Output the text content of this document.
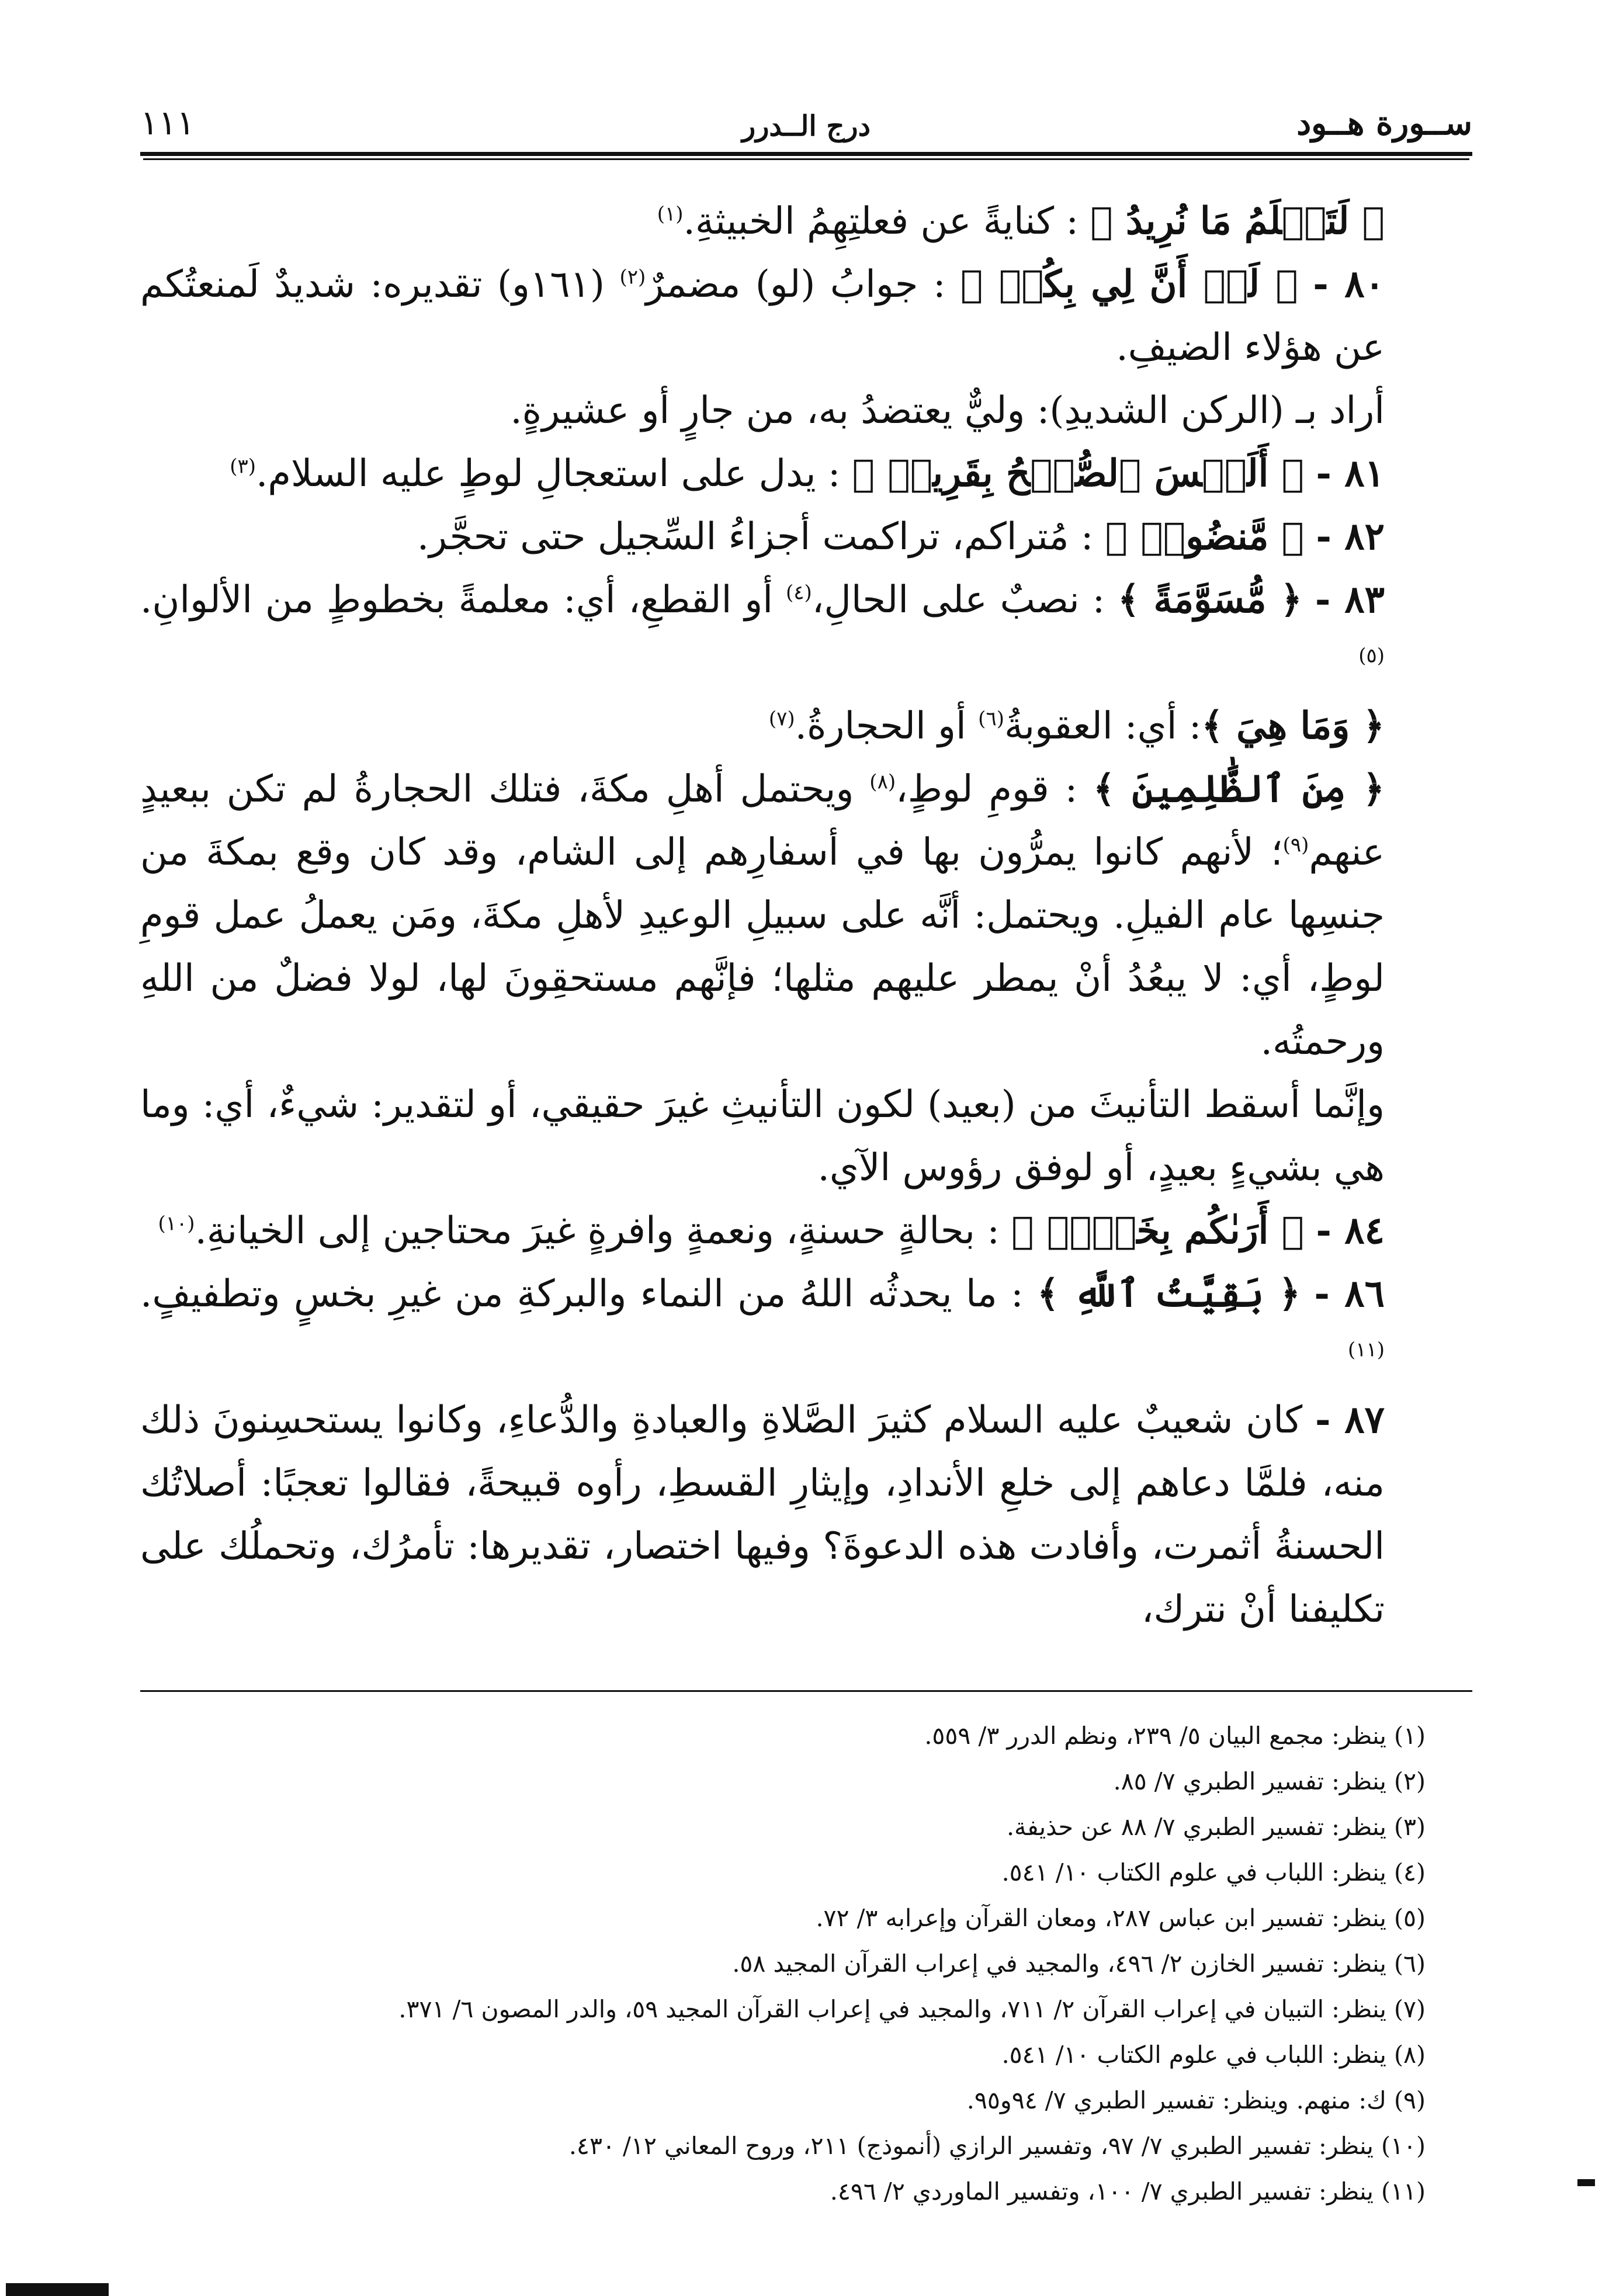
ســورة هــود
درج الــدرر
١١١

﴿ لَتَعۡلَمُ مَا نُرِيدُ ﴾ : كنايةً عن فعلتِهِمُ الخبيثةِ.$^{(١)}$

٨٠ - ﴿ لَوۡ أَنَّ لِي بِكُمۡ ﴾ : جوابُ (لو) مضمرٌ$^{(٢)}$ (١٦١و) تقديره: شديدٌ لَمنعتُكم عن هؤلاء الضيفِ.

أراد بـ (الركن الشديدِ): وليٌّ يعتضدُ به، من جارٍ أو عشيرةٍ.

٨١ - ﴿ أَلَيۡسَ ٱلصُّبۡحُ بِقَرِيبٖ ﴾ : يدل على استعجالِ لوطٍ عليه السلام.$^{(٣)}$

٨٢ - ﴿ مَّنضُودٖ ﴾ : مُتراكم، تراكمت أجزاءُ السِّجيل حتى تحجَّر.

٨٣ - ﴿ مُّسَوَّمَةً ﴾ : نصبٌ على الحالِ،$^{(٤)}$ أو القطعِ، أي: معلمةً بخطوطٍ من الألوانِ.$^{(٥)}$

﴿ وَمَا هِيَ ﴾: أي: العقوبةُ$^{(٦)}$ أو الحجارةُ.$^{(٧)}$

﴿ مِنَ ٱلظَّٰلِمِينَ ﴾ : قومِ لوطٍ،$^{(٨)}$ ويحتمل أهلِ مكةَ، فتلك الحجارةُ لم تكن ببعيدٍ عنهم$^{(٩)}$؛ لأنهم كانوا يمرُّون بها في أسفارِهم إلى الشام، وقد كان وقع بمكةَ من جنسِها عام الفيلِ. ويحتمل: أنَّه على سبيلِ الوعيدِ لأهلِ مكةَ، ومَن يعملُ عمل قومِ لوطٍ، أي: لا يبعُدُ أنْ يمطر عليهم مثلها؛ فإنَّهم مستحقِونَ لها، لولا فضلٌ من اللهِ ورحمتُه.

وإنَّما أسقط التأنيثَ من (بعيد) لكون التأنيثِ غيرَ حقيقي، أو لتقدير: شيءٌ، أي: وما هي بشيءٍ بعيدٍ، أو لوفق رؤوس الآي.

٨٤ - ﴿ أَرَىٰكُم بِخَيۡرٖ ﴾ : بحالةٍ حسنةٍ، ونعمةٍ وافرةٍ غيرَ محتاجين إلى الخيانةِ.$^{(١٠)}$

٨٦ - ﴿ بَقِيَّتُ ٱللَّهِ ﴾ : ما يحدثُه اللهُ من النماء والبركةِ من غيرِ بخسٍ وتطفيفٍ.$^{(١١)}$

٨٧ - كان شعيبٌ عليه السلام كثيرَ الصَّلاةِ والعبادةِ والدُّعاءِ، وكانوا يستحسِنونَ ذلك منه، فلمَّا دعاهم إلى خلعِ الأندادِ، وإيثارِ القسطِ، رأوه قبيحةً، فقالوا تعجبًا: أصلاتُك الحسنةُ أثمرت، وأفادت هذه الدعوةَ؟ وفيها اختصار، تقديرها: تأمرُك، وتحملُك على تكليفنا أنْ نترك،

(١) ينظر: مجمع البيان ٥/ ٢٣٩، ونظم الدرر ٣/ ٥٥٩.

(٢) ينظر: تفسير الطبري ٧/ ٨٥.

(٣) ينظر: تفسير الطبري ٧/ ٨٨ عن حذيفة.

(٤) ينظر: اللباب في علوم الكتاب ١٠/ ٥٤١.

(٥) ينظر: تفسير ابن عباس ٢٨٧، ومعان القرآن وإعرابه ٣/ ٧٢.

(٦) ينظر: تفسير الخازن ٢/ ٤٩٦، والمجيد في إعراب القرآن المجيد ٥٨.

(٧) ينظر: التبيان في إعراب القرآن ٢/ ٧١١، والمجيد في إعراب القرآن المجيد ٥٩، والدر المصون ٦/ ٣٧١.

(٨) ينظر: اللباب في علوم الكتاب ١٠/ ٥٤١.

(٩) ك: منهم. وينظر: تفسير الطبري ٧/ ٩٤و٩٥.

(١٠) ينظر: تفسير الطبري ٧/ ٩٧، وتفسير الرازي (أنموذج) ٢١١، وروح المعاني ١٢/ ٤٣٠.

(١١) ينظر: تفسير الطبري ٧/ ١٠٠، وتفسير الماوردي ٢/ ٤٩٦.
